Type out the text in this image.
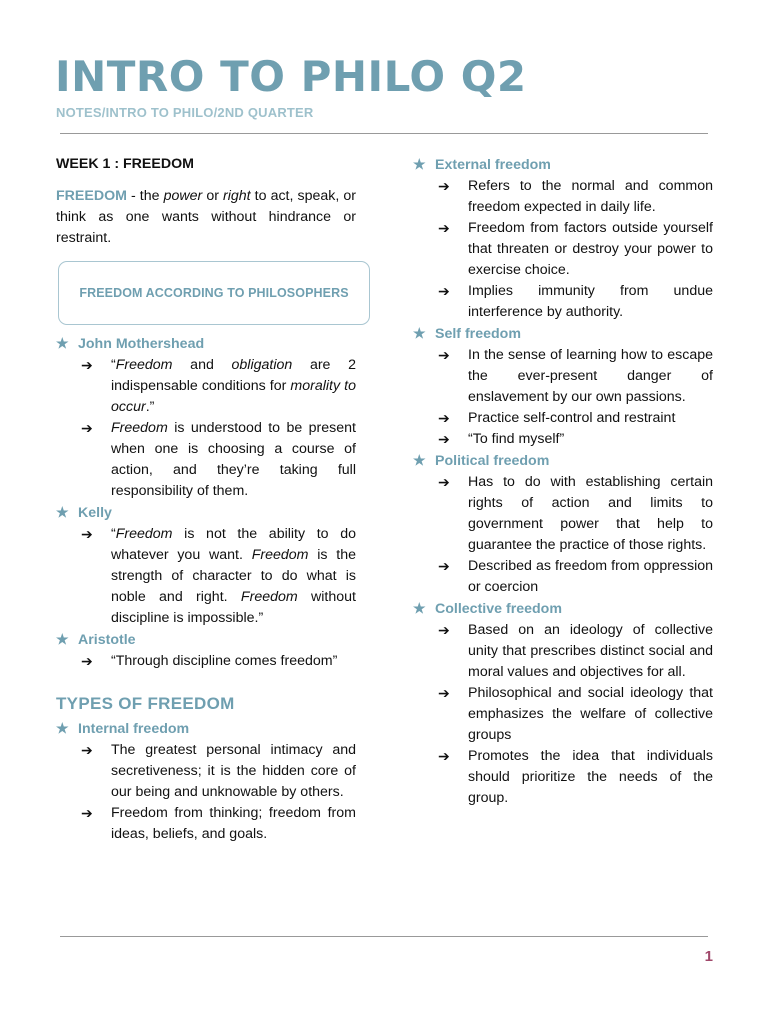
INTRO TO PHILO Q2
NOTES/INTRO TO PHILO/2ND QUARTER
WEEK 1 : FREEDOM

FREEDOM - the power or right to act, speak, or think as one wants without hindrance or restraint.

FREEDOM ACCORDING TO PHILOSOPHERS
★ John Mothershead
➔ “Freedom and obligation are 2 indispensable conditions for morality to occur.”
➔ Freedom is understood to be present when one is choosing a course of action, and they’re taking full responsibility of them.
★ Kelly
➔ “Freedom is not the ability to do whatever you want. Freedom is the strength of character to do what is noble and right. Freedom without discipline is impossible.”
★ Aristotle
➔ “Through discipline comes freedom”
TYPES OF FREEDOM
★ Internal freedom
➔ The greatest personal intimacy and secretiveness; it is the hidden core of our being and unknowable by others.
➔ Freedom from thinking; freedom from ideas, beliefs, and goals.
★ External freedom
➔ Refers to the normal and common freedom expected in daily life.
➔ Freedom from factors outside yourself that threaten or destroy your power to exercise choice.
➔ Implies immunity from undue interference by authority.
★ Self freedom
➔ In the sense of learning how to escape the ever-present danger of enslavement by our own passions.
➔ Practice self-control and restraint
➔ “To find myself”
★ Political freedom
➔ Has to do with establishing certain rights of action and limits to government power that help to guarantee the practice of those rights.
➔ Described as freedom from oppression or coercion
★ Collective freedom
➔ Based on an ideology of collective unity that prescribes distinct social and moral values and objectives for all.
➔ Philosophical and social ideology that emphasizes the welfare of collective groups
➔ Promotes the idea that individuals should prioritize the needs of the group.
1
